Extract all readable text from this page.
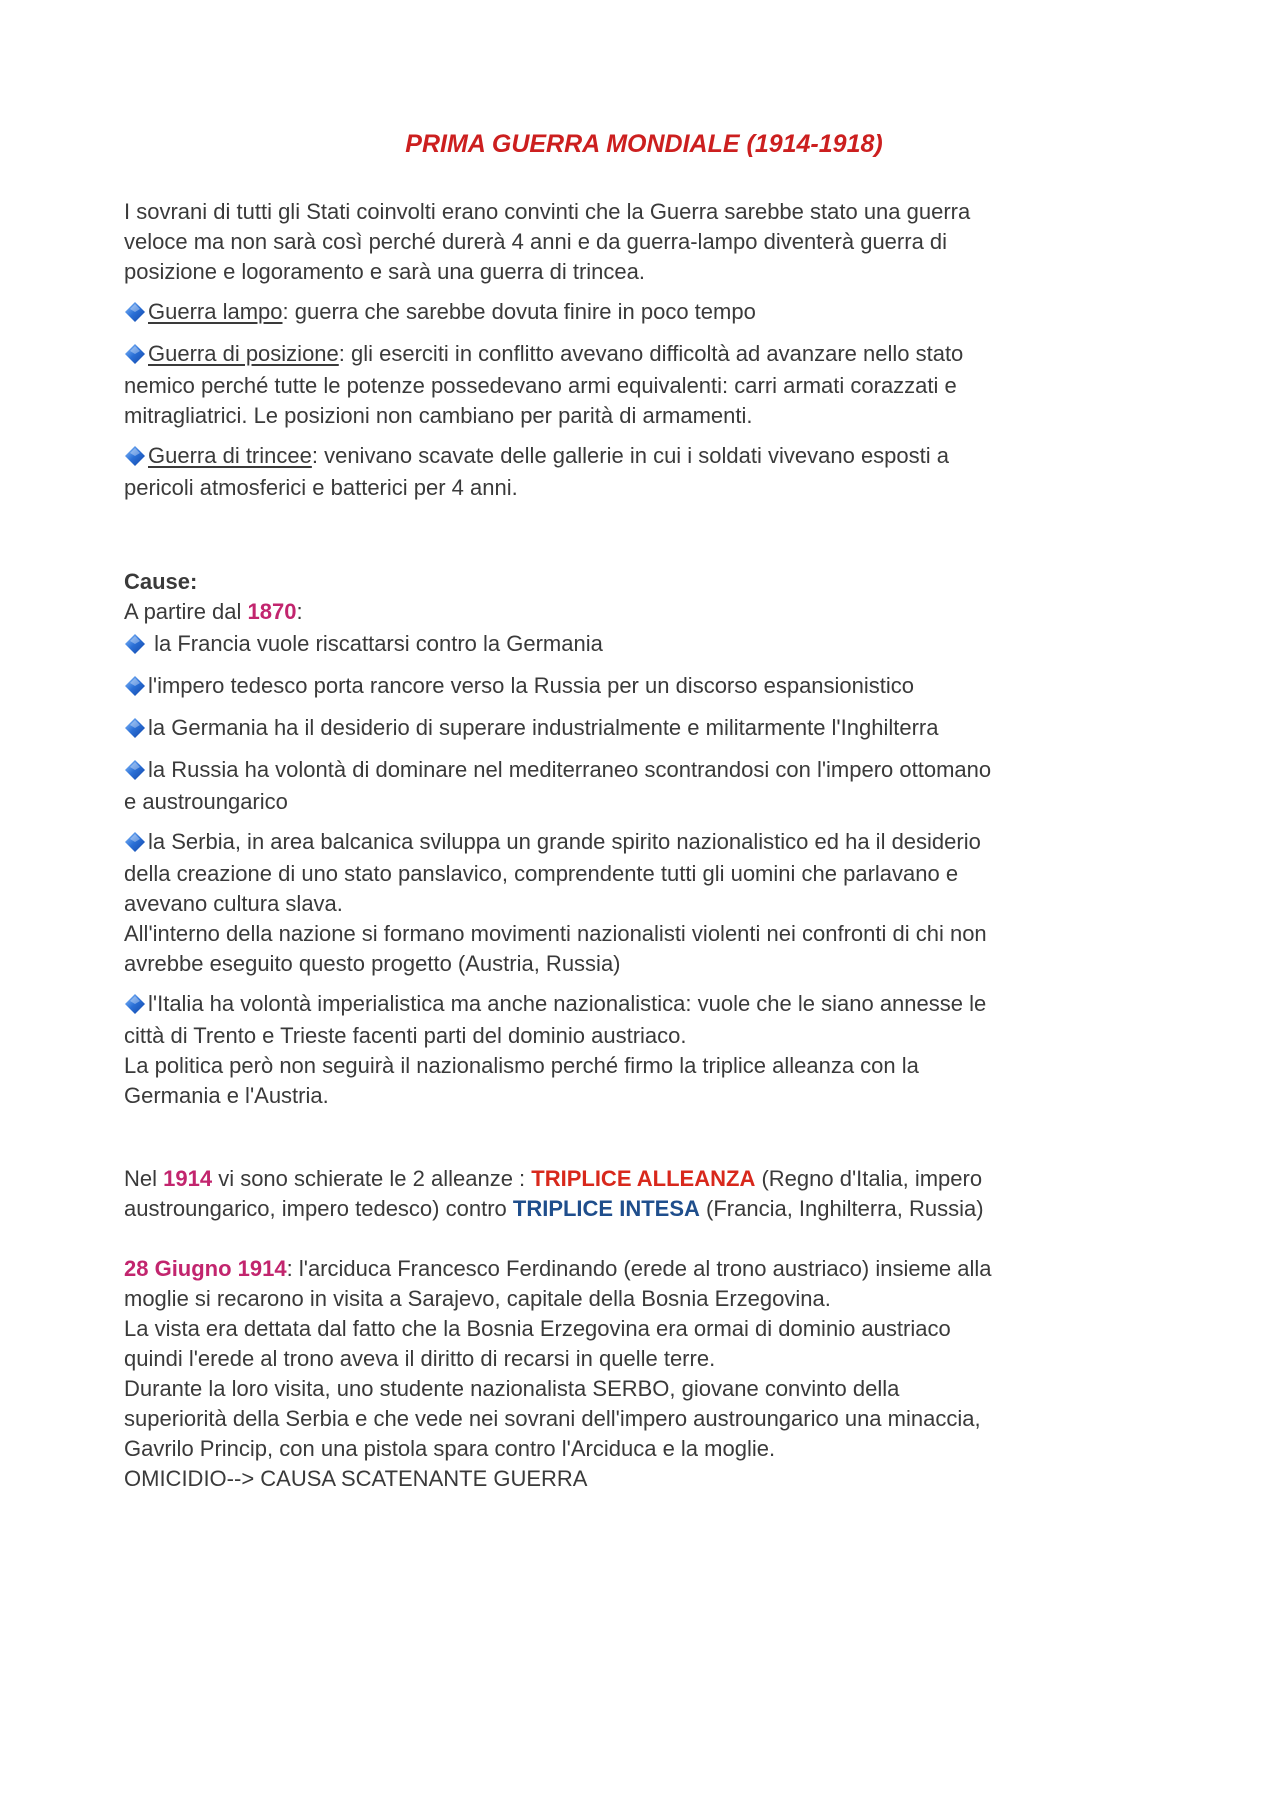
PRIMA GUERRA MONDIALE (1914-1918)
I sovrani di tutti gli Stati coinvolti erano convinti che la Guerra sarebbe stato una guerra
veloce ma non sarà così perché durerà 4 anni e da guerra-lampo diventerà guerra di
posizione e logoramento e sarà una guerra di trincea.
Guerra lampo: guerra che sarebbe dovuta finire in poco tempo
Guerra di posizione: gli eserciti in conflitto avevano difficoltà ad avanzare nello stato
nemico perché tutte le potenze possedevano armi equivalenti: carri armati corazzati e
mitragliatrici. Le posizioni non cambiano per parità di armamenti.
Guerra di trincee: venivano scavate delle gallerie in cui i soldati vivevano esposti a
pericoli atmosferici e batterici per 4 anni.
Cause:
A partire dal 1870:
la Francia vuole riscattarsi contro la Germania
l'impero tedesco porta rancore verso la Russia per un discorso espansionistico
la Germania ha il desiderio di superare industrialmente e militarmente l'Inghilterra
la Russia ha volontà di dominare nel mediterraneo scontrandosi con l'impero ottomano
e austroungarico
la Serbia, in area balcanica sviluppa un grande spirito nazionalistico ed ha il desiderio
della creazione di uno stato panslavico, comprendente tutti gli uomini che parlavano e
avevano cultura slava.
All'interno della nazione si formano movimenti nazionalisti violenti nei confronti di chi non
avrebbe eseguito questo progetto (Austria, Russia)
l'Italia ha volontà imperialistica ma anche nazionalistica: vuole che le siano annesse le
città di Trento e Trieste facenti parti del dominio austriaco.
La politica però non seguirà il nazionalismo perché firmo la triplice alleanza con la
Germania e l'Austria.
Nel 1914 vi sono schierate le 2 alleanze : TRIPLICE ALLEANZA (Regno d'Italia, impero
austroungarico, impero tedesco) contro TRIPLICE INTESA (Francia, Inghilterra, Russia)
28 Giugno 1914: l'arciduca Francesco Ferdinando (erede al trono austriaco) insieme alla
moglie si recarono in visita a Sarajevo, capitale della Bosnia Erzegovina.
La vista era dettata dal fatto che la Bosnia Erzegovina era ormai di dominio austriaco
quindi l'erede al trono aveva il diritto di recarsi in quelle terre.
Durante la loro visita, uno studente nazionalista SERBO, giovane convinto della
superiorità della Serbia e che vede nei sovrani dell'impero austroungarico una minaccia,
Gavrilo Princip, con una pistola spara contro l'Arciduca e la moglie.
OMICIDIO--> CAUSA SCATENANTE GUERRA
